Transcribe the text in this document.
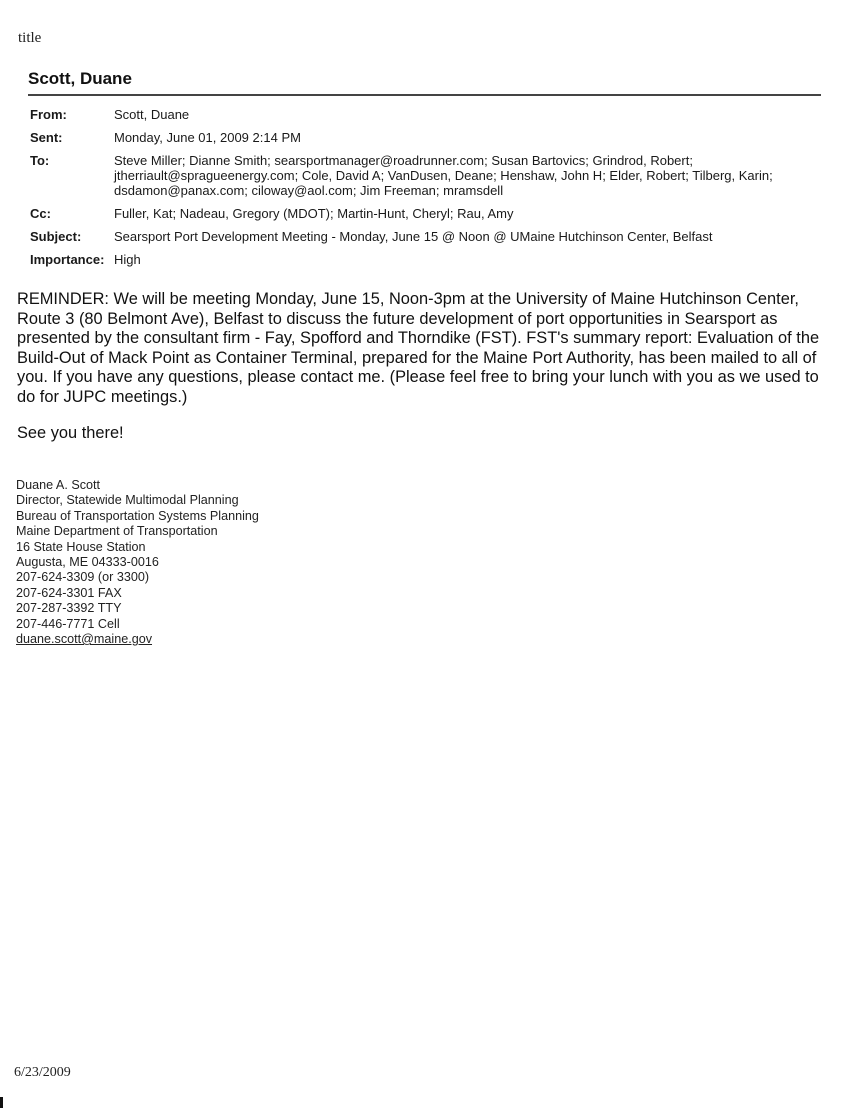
title
Scott, Duane
From:	Scott, Duane
Sent:	Monday, June 01, 2009 2:14 PM
To:	Steve Miller; Dianne Smith; searsportmanager@roadrunner.com; Susan Bartovics; Grindrod, Robert; jtherriault@spragueenergy.com; Cole, David A; VanDusen, Deane; Henshaw, John H; Elder, Robert; Tilberg, Karin; dsdamon@panax.com; ciloway@aol.com; Jim Freeman; mramsdell
Cc:	Fuller, Kat; Nadeau, Gregory (MDOT); Martin-Hunt, Cheryl; Rau, Amy
Subject:	Searsport Port Development Meeting - Monday, June 15 @ Noon @ UMaine Hutchinson Center, Belfast
Importance:	High

REMINDER: We will be meeting Monday, June 15, Noon-3pm at the University of Maine Hutchinson Center, Route 3 (80 Belmont Ave), Belfast to discuss the future development of port opportunities in Searsport as presented by the consultant firm - Fay, Spofford and Thorndike (FST). FST's summary report: Evaluation of the Build-Out of Mack Point as Container Terminal, prepared for the Maine Port Authority, has been mailed to all of you. If you have any questions, please contact me. (Please feel free to bring your lunch with you as we used to do for JUPC meetings.)

See you there!

Duane A. Scott
Director, Statewide Multimodal Planning
Bureau of Transportation Systems Planning
Maine Department of Transportation
16 State House Station
Augusta, ME 04333-0016
207-624-3309 (or 3300)
207-624-3301 FAX
207-287-3392 TTY
207-446-7771 Cell
duane.scott@maine.gov
6/23/2009
